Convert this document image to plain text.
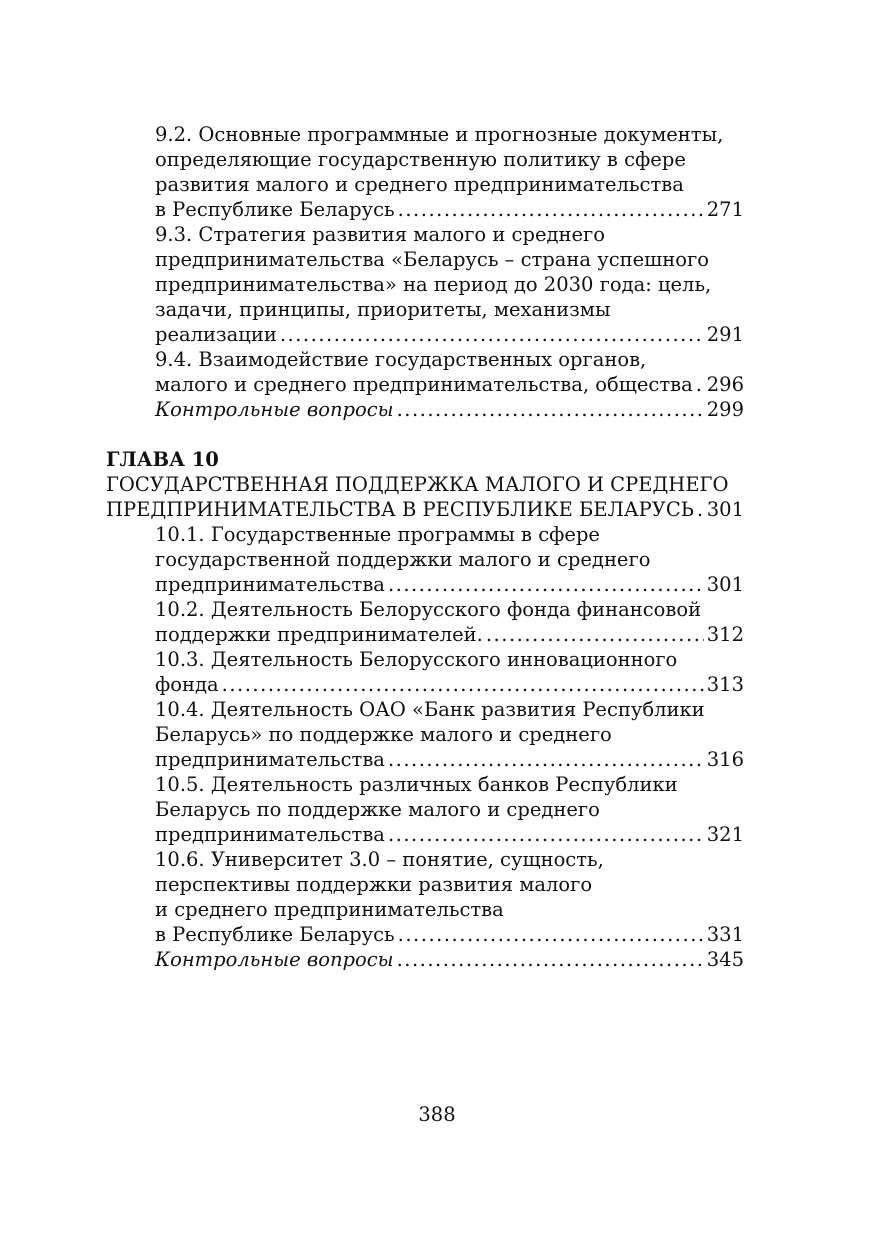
9.2. Основные программные и прогнозные документы,
определяющие государственную политику в сфере
развития малого и среднего предпринимательства
в Республике Беларусь .....	271
9.3. Стратегия развития малого и среднего
предпринимательства «Беларусь – страна успешного
предпринимательства» на период до 2030 года: цель,
задачи, принципы, приоритеты, механизмы
реализации .....	291
9.4. Взаимодействие государственных органов,
малого и среднего предпринимательства, общества ..... 296
Контрольные вопросы .....	299
ГЛАВА 10
ГОСУДАРСТВЕННАЯ ПОДДЕРЖКА МАЛОГО И СРЕДНЕГО
ПРЕДПРИНИМАТЕЛЬСТВА В РЕСПУБЛИКЕ БЕЛАРУСЬ ..... 301
10.1. Государственные программы в сфере
государственной поддержки малого и среднего
предпринимательства .....	301
10.2. Деятельность Белорусского фонда финансовой
поддержки предпринимателей. .....	312
10.3. Деятельность Белорусского инновационного
фонда .....	313
10.4. Деятельность ОАО «Банк развития Республики
Беларусь» по поддержке малого и среднего
предпринимательства .....	316
10.5. Деятельность различных банков Республики
Беларусь по поддержке малого и среднего
предпринимательства .....	321
10.6. Университет 3.0 – понятие, сущность,
перспективы поддержки развития малого
и среднего предпринимательства
в Республике Беларусь .....	331
Контрольные вопросы .....	345
388
